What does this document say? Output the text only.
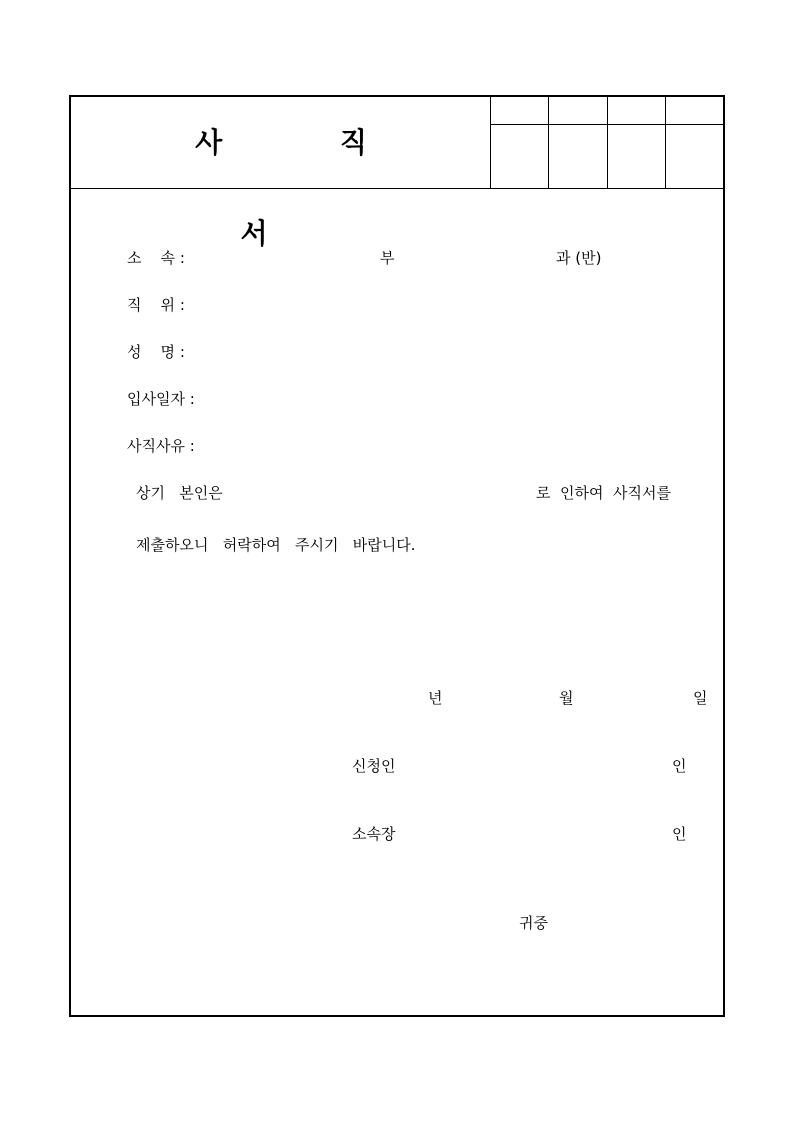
사 직 서
소    속 :	부	과 (반)
직    위 :
성    명 :
입사일자 :
사직사유 :
상기   본인은	로  인하여  사직서를
제출하오니   허락하여   주시기   바랍니다.
년	월	일
신청인	인
소속장	인
귀중
